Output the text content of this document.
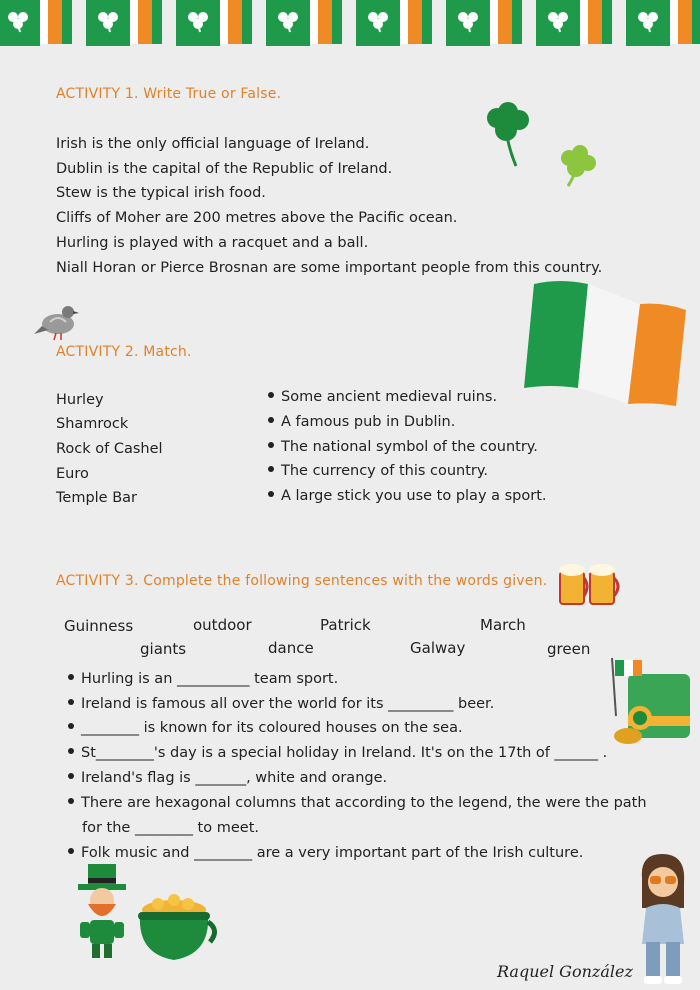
ACTIVITY 1. Write True or False.
Irish is the only official language of Ireland.
Dublin is the capital of the Republic of Ireland.
Stew is the typical irish food.
Cliffs of Moher are 200 metres above the Pacific ocean.
Hurling is played with a racquet and a ball.
Niall Horan or Pierce Brosnan are some important people from this country.
ACTIVITY 2. Match.
Hurley
Shamrock
Rock of Cashel
Euro
Temple Bar
Some ancient medieval ruins.
A famous pub in Dublin.
The national symbol of the country.
The currency of this country.
A large stick you use to play a sport.
ACTIVITY 3. Complete the following sentences with the words given.
Guinness	outdoor	Patrick	March
giants	dance	Galway	green
Hurling is an __________ team sport.
Ireland is famous all over the world for its _________ beer.
________ is known for its coloured houses on the sea.
St________'s day is a special holiday in Ireland. It's on the 17th of ______ .
Ireland's flag is _______, white and orange.
There are hexagonal columns that according to the legend, the were the path
for the ________ to meet.
Folk music and ________ are a very important part of the Irish culture.
Raquel González
